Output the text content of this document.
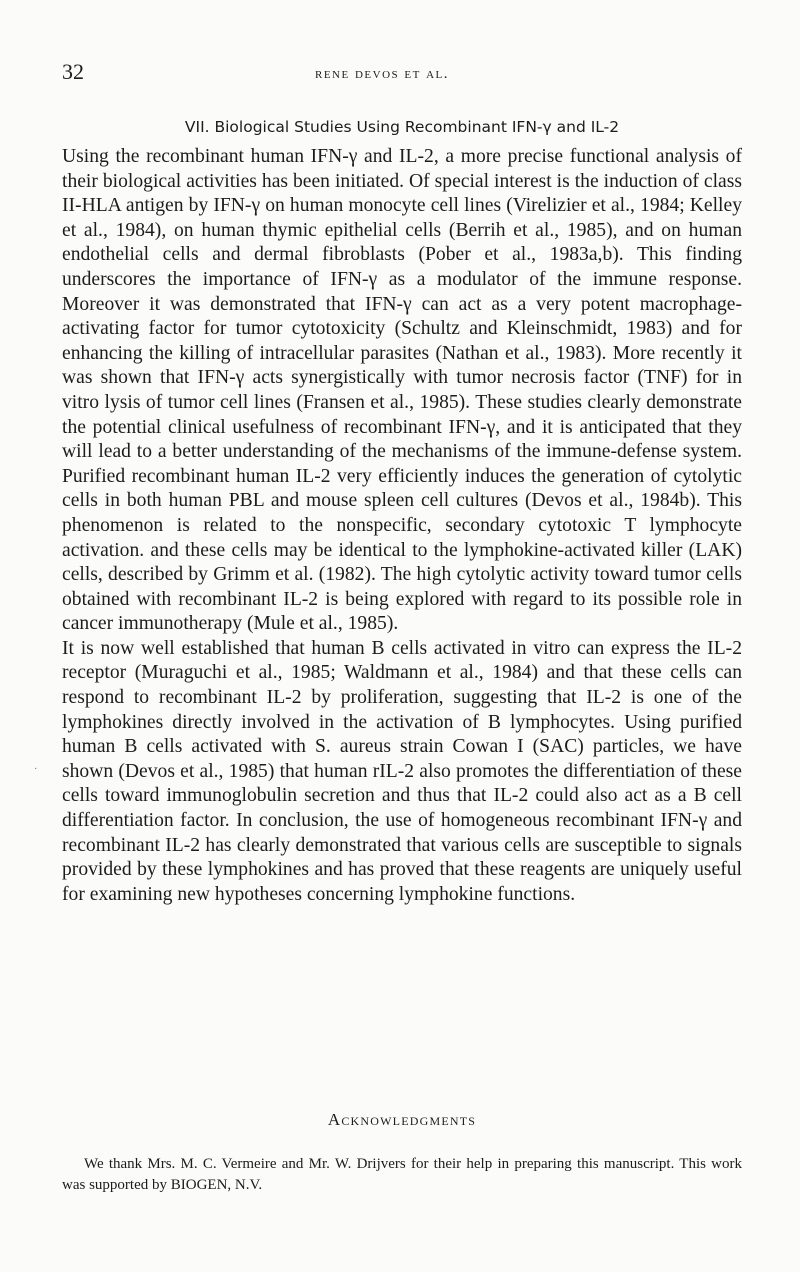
32	rene devos et al.
VII. Biological Studies Using Recombinant IFN-γ and IL-2

Using the recombinant human IFN-γ and IL-2, a more precise functional analysis of their biological activities has been initiated. Of special interest is the induction of class II-HLA antigen by IFN-γ on human monocyte cell lines (Virelizier et al., 1984; Kelley et al., 1984), on human thymic epithelial cells (Berrih et al., 1985), and on human endothelial cells and dermal fibroblasts (Pober et al., 1983a,b). This finding underscores the importance of IFN-γ as a modulator of the immune response. Moreover it was demonstrated that IFN-γ can act as a very potent macrophage-activating factor for tumor cytotoxicity (Schultz and Kleinschmidt, 1983) and for enhancing the killing of intracellular parasites (Nathan et al., 1983). More recently it was shown that IFN-γ acts synergistically with tumor necrosis factor (TNF) for in vitro lysis of tumor cell lines (Fransen et al., 1985). These studies clearly demonstrate the potential clinical usefulness of recombinant IFN-γ, and it is anticipated that they will lead to a better understanding of the mechanisms of the immune-defense system. Purified recombinant human IL-2 very efficiently induces the generation of cytolytic cells in both human PBL and mouse spleen cell cultures (Devos et al., 1984b). This phenomenon is related to the nonspecific, secondary cytotoxic T lymphocyte activation. and these cells may be identical to the lymphokine-activated killer (LAK) cells, described by Grimm et al. (1982). The high cytolytic activity toward tumor cells obtained with recombinant IL-2 is being explored with regard to its possible role in cancer immunotherapy (Mule et al., 1985).

It is now well established that human B cells activated in vitro can express the IL-2 receptor (Muraguchi et al., 1985; Waldmann et al., 1984) and that these cells can respond to recombinant IL-2 by proliferation, suggesting that IL-2 is one of the lymphokines directly involved in the activation of B lymphocytes. Using purified human B cells activated with S. aureus strain Cowan I (SAC) particles, we have shown (Devos et al., 1985) that human rIL-2 also promotes the differentiation of these cells toward immunoglobulin secretion and thus that IL-2 could also act as a B cell differentiation factor. In conclusion, the use of homogeneous recombinant IFN-γ and recombinant IL-2 has clearly demonstrated that various cells are susceptible to signals provided by these lymphokines and has proved that these reagents are uniquely useful for examining new hypotheses concerning lymphokine functions.

·
Acknowledgments
We thank Mrs. M. C. Vermeire and Mr. W. Drijvers for their help in preparing this manuscript. This work was supported by BIOGEN, N.V.
